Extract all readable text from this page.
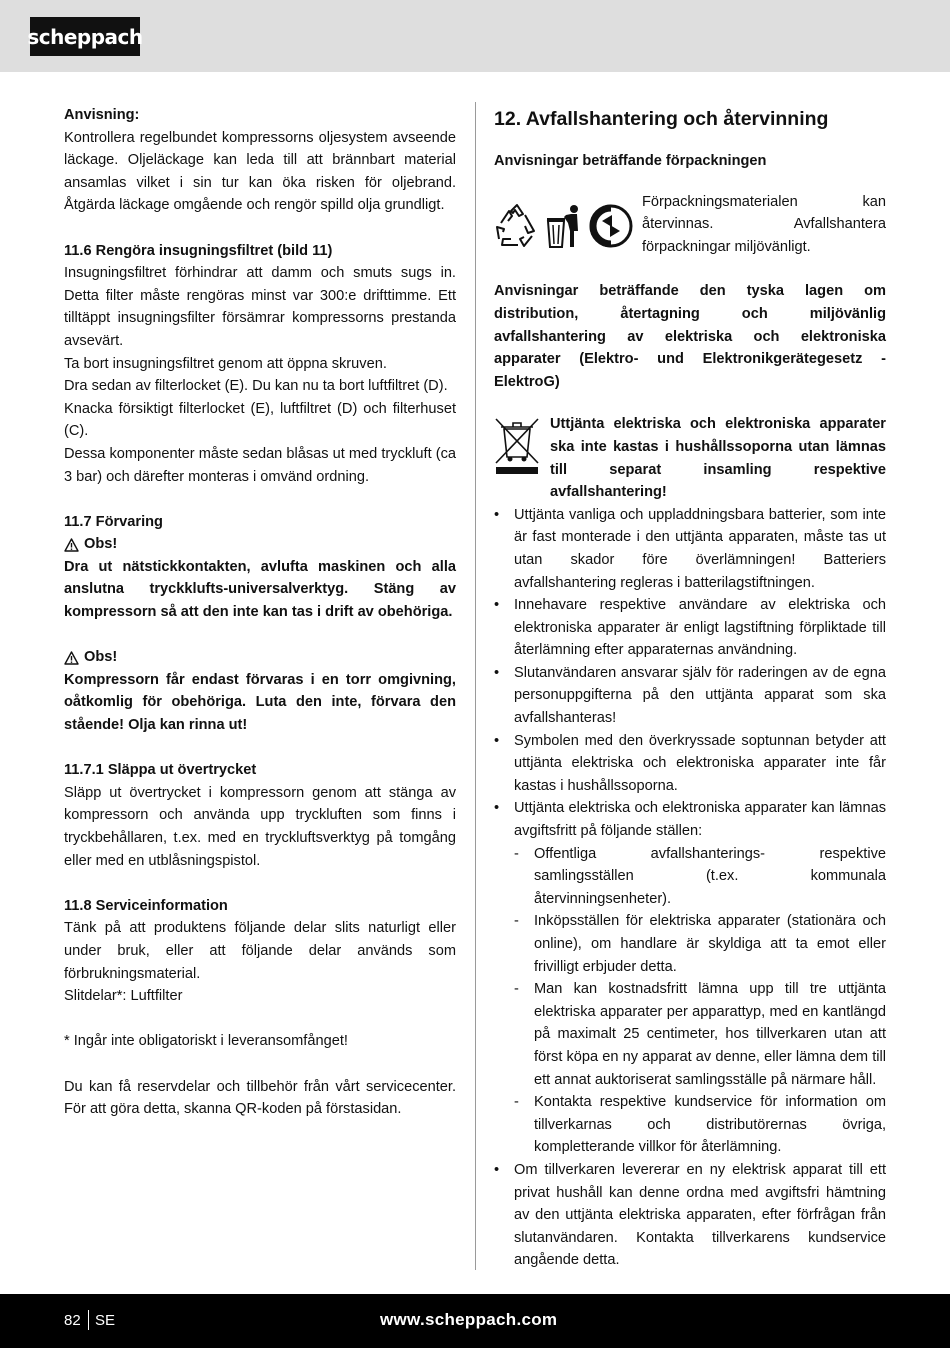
scheppach
Anvisning:

Kontrollera regelbundet kompressorns oljesystem avseende läckage. Oljeläckage kan leda till att brännbart material ansamlas vilket i sin tur kan öka risken för oljebrand. Åtgärda läckage omgående och rengör spilld olja grundligt.

11.6 Rengöra insugningsfiltret (bild 11)

Insugningsfiltret förhindrar att damm och smuts sugs in. Detta filter måste rengöras minst var 300:e drifttimme. Ett tilltäppt insugningsfilter försämrar kompressorns prestanda avsevärt.

Ta bort insugningsfiltret genom att öppna skruven.

Dra sedan av filterlocket (E). Du kan nu ta bort luftfiltret (D).

Knacka försiktigt filterlocket (E), luftfiltret (D) och filterhuset (C).

Dessa komponenter måste sedan blåsas ut med tryckluft (ca 3 bar) och därefter monteras i omvänd ordning.

11.7 Förvaring
Obs!

Dra ut nätstickkontakten, avlufta maskinen och alla anslutna tryckklufts-universalverktyg. Stäng av kompressorn så att den inte kan tas i drift av obehöriga.

Obs!

Kompressorn får endast förvaras i en torr omgivning, oåtkomlig för obehöriga. Luta den inte, förvara den stående! Olja kan rinna ut!

11.7.1 Släppa ut övertrycket

Släpp ut övertrycket i kompressorn genom att stänga av kompressorn och använda upp tryckluften som finns i tryckbehållaren, t.ex. med en tryckluftsverktyg på tomgång eller med en utblåsningspistol.

11.8 Serviceinformation

Tänk på att produktens följande delar slits naturligt eller under bruk, eller att följande delar används som förbrukningsmaterial.

Slitdelar*: Luftfilter

* Ingår inte obligatoriskt i leveransomfånget!

Du kan få reservdelar och tillbehör från vårt servicecenter. För att göra detta, skanna QR-koden på förstasidan.

12. Avfallshantering och återvinning
Anvisningar beträffande förpackningen

Förpackningsmaterialen kan återvinnas. Avfallshantera förpackningar miljövänligt.

Anvisningar beträffande den tyska lagen om distribution, återtagning och miljövänlig avfallshantering av elektriska och elektroniska apparater (Elektro- und Elektronikgerätegesetz - ElektroG)

Uttjänta elektriska och elektroniska apparater ska inte kastas i hushållssoporna utan lämnas till separat insamling respektive avfallshantering!

• Uttjänta vanliga och uppladdningsbara batterier, som inte är fast monterade i den uttjänta apparaten, måste tas ut utan skador före överlämningen! Batteriers avfallshantering regleras i batterilagstiftningen.
• Innehavare respektive användare av elektriska och elektroniska apparater är enligt lagstiftning förpliktade till återlämning efter apparaternas användning.
• Slutanvändaren ansvarar själv för raderingen av de egna personuppgifterna på den uttjänta apparat som ska avfallshanteras!
• Symbolen med den överkryssade soptunnan betyder att uttjänta elektriska och elektroniska apparater inte får kastas i hushållssoporna.
• Uttjänta elektriska och elektroniska apparater kan lämnas avgiftsfritt på följande ställen:
- Offentliga avfallshanterings- respektive samlingsställen (t.ex. kommunala återvinningsenheter).
- Inköpsställen för elektriska apparater (stationära och online), om handlare är skyldiga att ta emot eller frivilligt erbjuder detta.
- Man kan kostnadsfritt lämna upp till tre uttjänta elektriska apparater per apparattyp, med en kantlängd på maximalt 25 centimeter, hos tillverkaren utan att först köpa en ny apparat av denne, eller lämna dem till ett annat auktoriserat samlingsställe på närmare håll.
- Kontakta respektive kundservice för information om tillverkarnas och distributörernas övriga, kompletterande villkor för återlämning.
• Om tillverkaren levererar en ny elektrisk apparat till ett privat hushåll kan denne ordna med avgiftsfri hämtning av den uttjänta elektriska apparaten, efter förfrågan från slutanvändaren. Kontakta tillverkarens kundservice angående detta.
82 SE	www.scheppach.com
